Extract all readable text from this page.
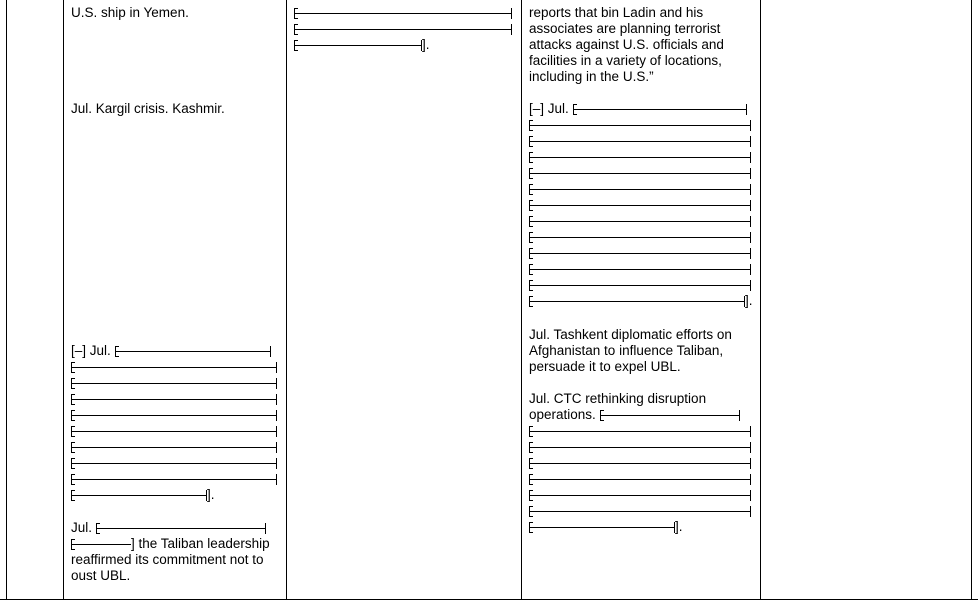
U.S. ship in Yemen.
Jul. Kargil crisis. Kashmir.
[–] Jul.
].
Jul.
] the Taliban leadership
reaffirmed its commitment not to
oust UBL.
].
reports that bin Ladin and his
associates are planning terrorist
attacks against U.S. officials and
facilities in a variety of locations,
including in the U.S.”
[–] Jul.
].
Jul. Tashkent diplomatic efforts on
Afghanistan to influence Taliban,
persuade it to expel UBL.
Jul. CTC rethinking disruption
operations.
].
